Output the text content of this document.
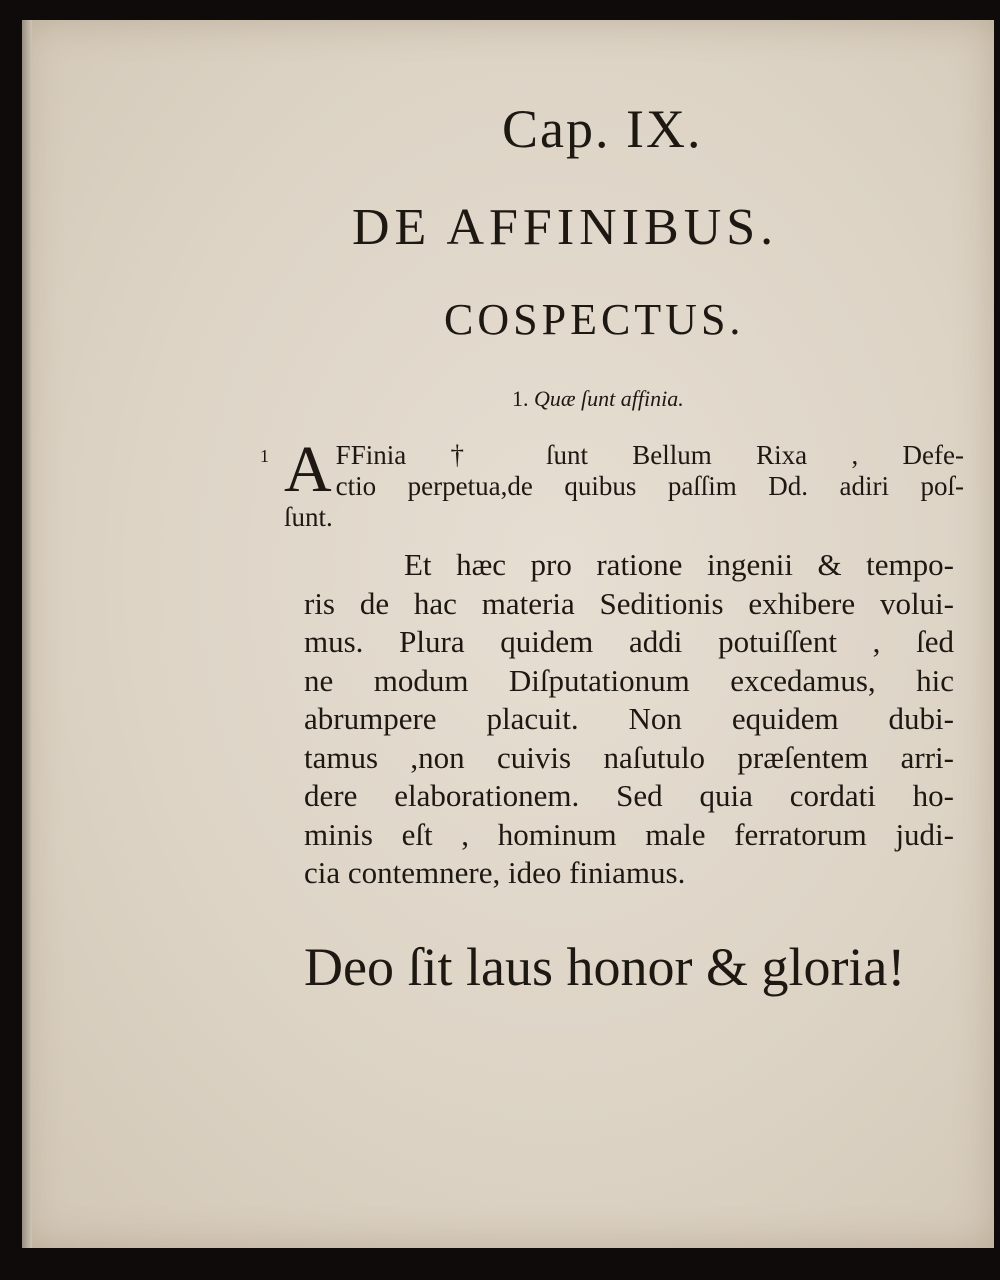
Cap. IX.
DE AFFINIBUS.
COSPECTUS.
1. Quæ ſunt affinia.
1 A FFinia † ſunt Bellum Rixa , Defe-
ctio perpetua,de quibus paſſim Dd. adiri poſ-
ſunt.
Et hæc pro ratione ingenii & tempo-
ris de hac materia Seditionis exhibere volui-
mus. Plura quidem addi potuiſſent , ſed
ne modum Diſputationum excedamus, hic
abrumpere placuit. Non equidem dubi-
tamus ,non cuivis naſutulo præſentem arri-
dere elaborationem. Sed quia cordati ho-
minis eſt , hominum male ferratorum judi-
cia contemnere, ideo finiamus.
Deo ſit laus honor & gloria!
